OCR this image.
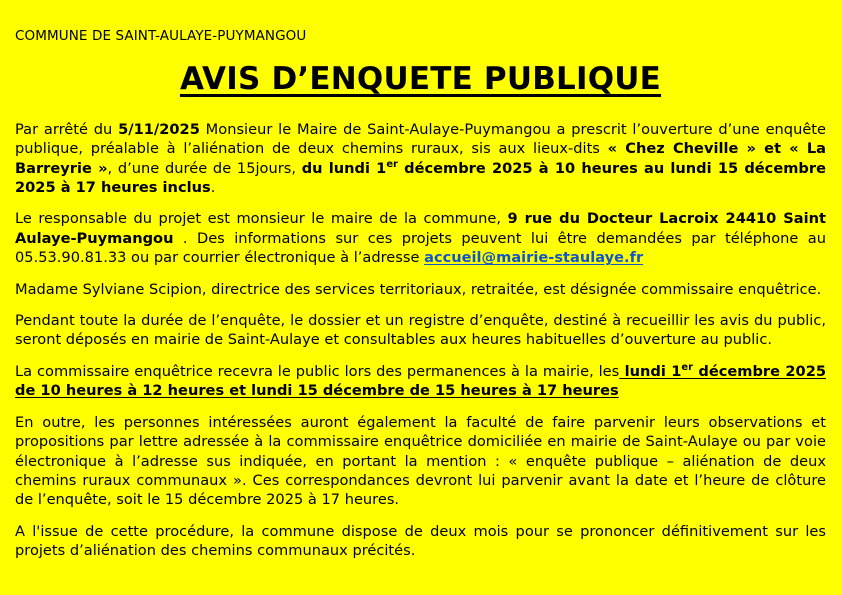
COMMUNE DE SAINT-AULAYE-PUYMANGOU
AVIS D’ENQUETE PUBLIQUE

Par arrêté du 5/11/2025 Monsieur le Maire de Saint-Aulaye-Puymangou a prescrit l’ouverture d’une enquête publique, préalable à l’aliénation de deux chemins ruraux, sis aux lieux-dits « Chez Cheville » et « La Barreyrie », d’une durée de 15jours, du lundi 1er décembre 2025 à 10 heures au lundi 15 décembre 2025 à 17 heures inclus.

Le responsable du projet est monsieur le maire de la commune, 9 rue du Docteur Lacroix 24410 Saint Aulaye-Puymangou . Des informations sur ces projets peuvent lui être demandées par téléphone au 05.53.90.81.33 ou par courrier électronique à l’adresse accueil@mairie-staulaye.fr

Madame Sylviane Scipion, directrice des services territoriaux, retraitée, est désignée commissaire enquêtrice.

Pendant toute la durée de l’enquête, le dossier et un registre d’enquête, destiné à recueillir les avis du public, seront déposés en mairie de Saint-Aulaye et consultables aux heures habituelles d’ouverture au public.

La commissaire enquêtrice recevra le public lors des permanences à la mairie, les lundi 1er décembre 2025 de 10 heures à 12 heures et lundi 15 décembre de 15 heures à 17 heures

En outre, les personnes intéressées auront également la faculté de faire parvenir leurs observations et propositions par lettre adressée à la commissaire enquêtrice domiciliée en mairie de Saint-Aulaye ou par voie électronique à l’adresse sus indiquée, en portant la mention : « enquête publique – aliénation de deux chemins ruraux communaux ». Ces correspondances devront lui parvenir avant la date et l’heure de clôture de l’enquête, soit le 15 décembre 2025 à 17 heures.

A l'issue de cette procédure, la commune dispose de deux mois pour se prononcer définitivement sur les projets d’aliénation des chemins communaux précités.
